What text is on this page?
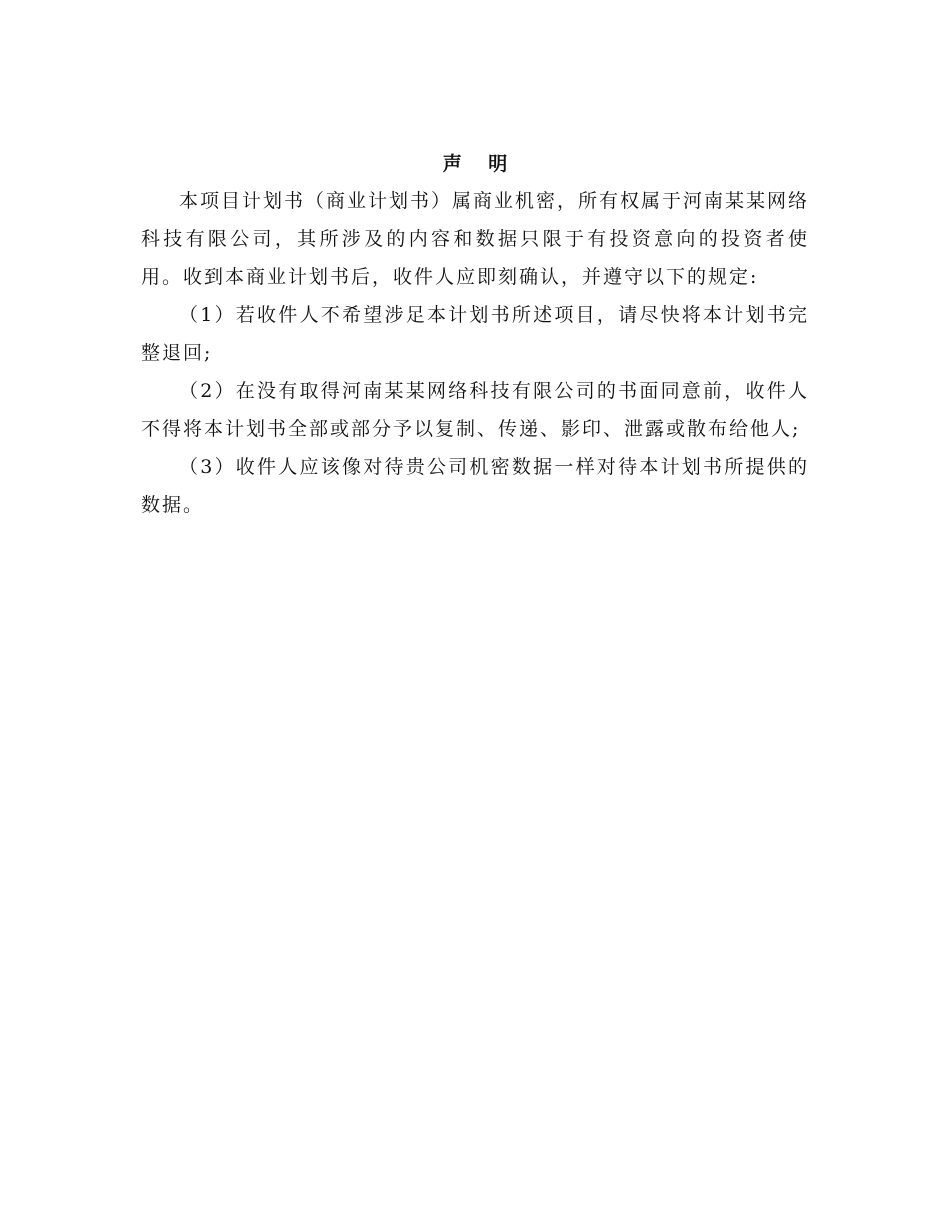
声 明

本项目计划书（商业计划书）属商业机密，所有权属于河南某某网络科技有限公司，其所涉及的内容和数据只限于有投资意向的投资者使用。收到本商业计划书后，收件人应即刻确认，并遵守以下的规定:

（1）若收件人不希望涉足本计划书所述项目，请尽快将本计划书完整退回;

（2）在没有取得河南某某网络科技有限公司的书面同意前，收件人不得将本计划书全部或部分予以复制、传递、影印、泄露或散布给他人;

（3）收件人应该像对待贵公司机密数据一样对待本计划书所提供的数据。
